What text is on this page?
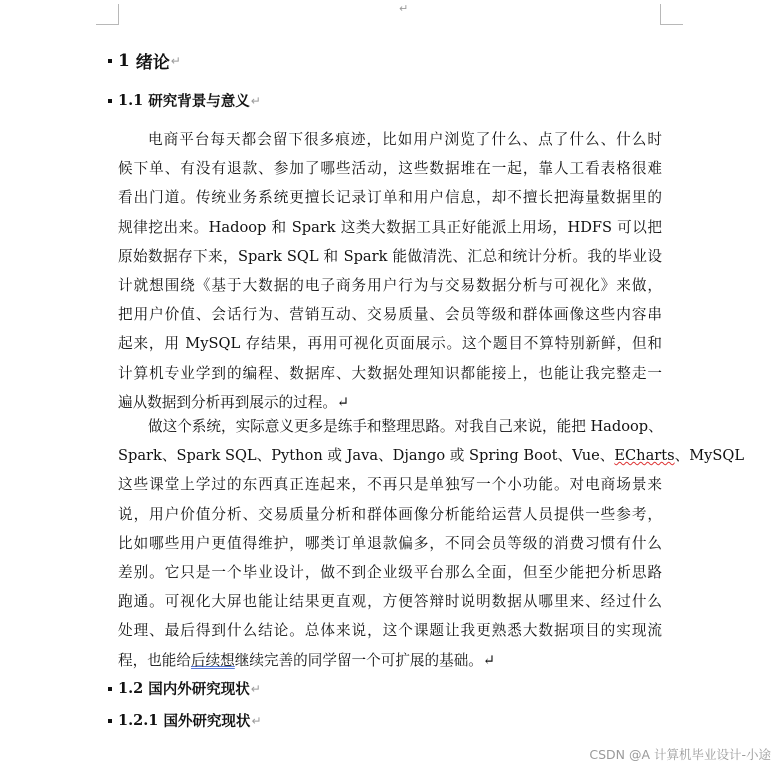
↵
1
绪论 ↵
1.1
研究背景与意义 ↵
电商平台每天都会留下很多痕迹，比如用户浏览了什么、点了什么、什么时
候下单、有没有退款、参加了哪些活动，这些数据堆在一起，靠人工看表格很难
看出门道。传统业务系统更擅长记录订单和用户信息，却不擅长把海量数据里的
规律挖出来。Hadoop 和 Spark 这类大数据工具正好能派上用场，HDFS 可以把
原始数据存下来，Spark SQL 和 Spark 能做清洗、汇总和统计分析。我的毕业设
计就想围绕《基于大数据的电子商务用户行为与交易数据分析与可视化》来做，
把用户价值、会话行为、营销互动、交易质量、会员等级和群体画像这些内容串
起来，用 MySQL 存结果，再用可视化页面展示。这个题目不算特别新鲜，但和
计算机专业学到的编程、数据库、大数据处理知识都能接上，也能让我完整走一
遍从数据到分析再到展示的过程。↵
做这个系统，实际意义更多是练手和整理思路。对我自己来说，能把 Hadoop、
Spark、Spark SQL、Python 或 Java、Django 或 Spring Boot、Vue、ECharts、MySQL
这些课堂上学过的东西真正连起来，不再只是单独写一个小功能。对电商场景来
说，用户价值分析、交易质量分析和群体画像分析能给运营人员提供一些参考，
比如哪些用户更值得维护，哪类订单退款偏多，不同会员等级的消费习惯有什么
差别。它只是一个毕业设计，做不到企业级平台那么全面，但至少能把分析思路
跑通。可视化大屏也能让结果更直观，方便答辩时说明数据从哪里来、经过什么
处理、最后得到什么结论。总体来说，这个课题让我更熟悉大数据项目的实现流
程，也能给后续想继续完善的同学留一个可扩展的基础。↵
1.2
国内外研究现状 ↵
1.2.1
国外研究现状 ↵
CSDN @A 计算机毕业设计-小途
